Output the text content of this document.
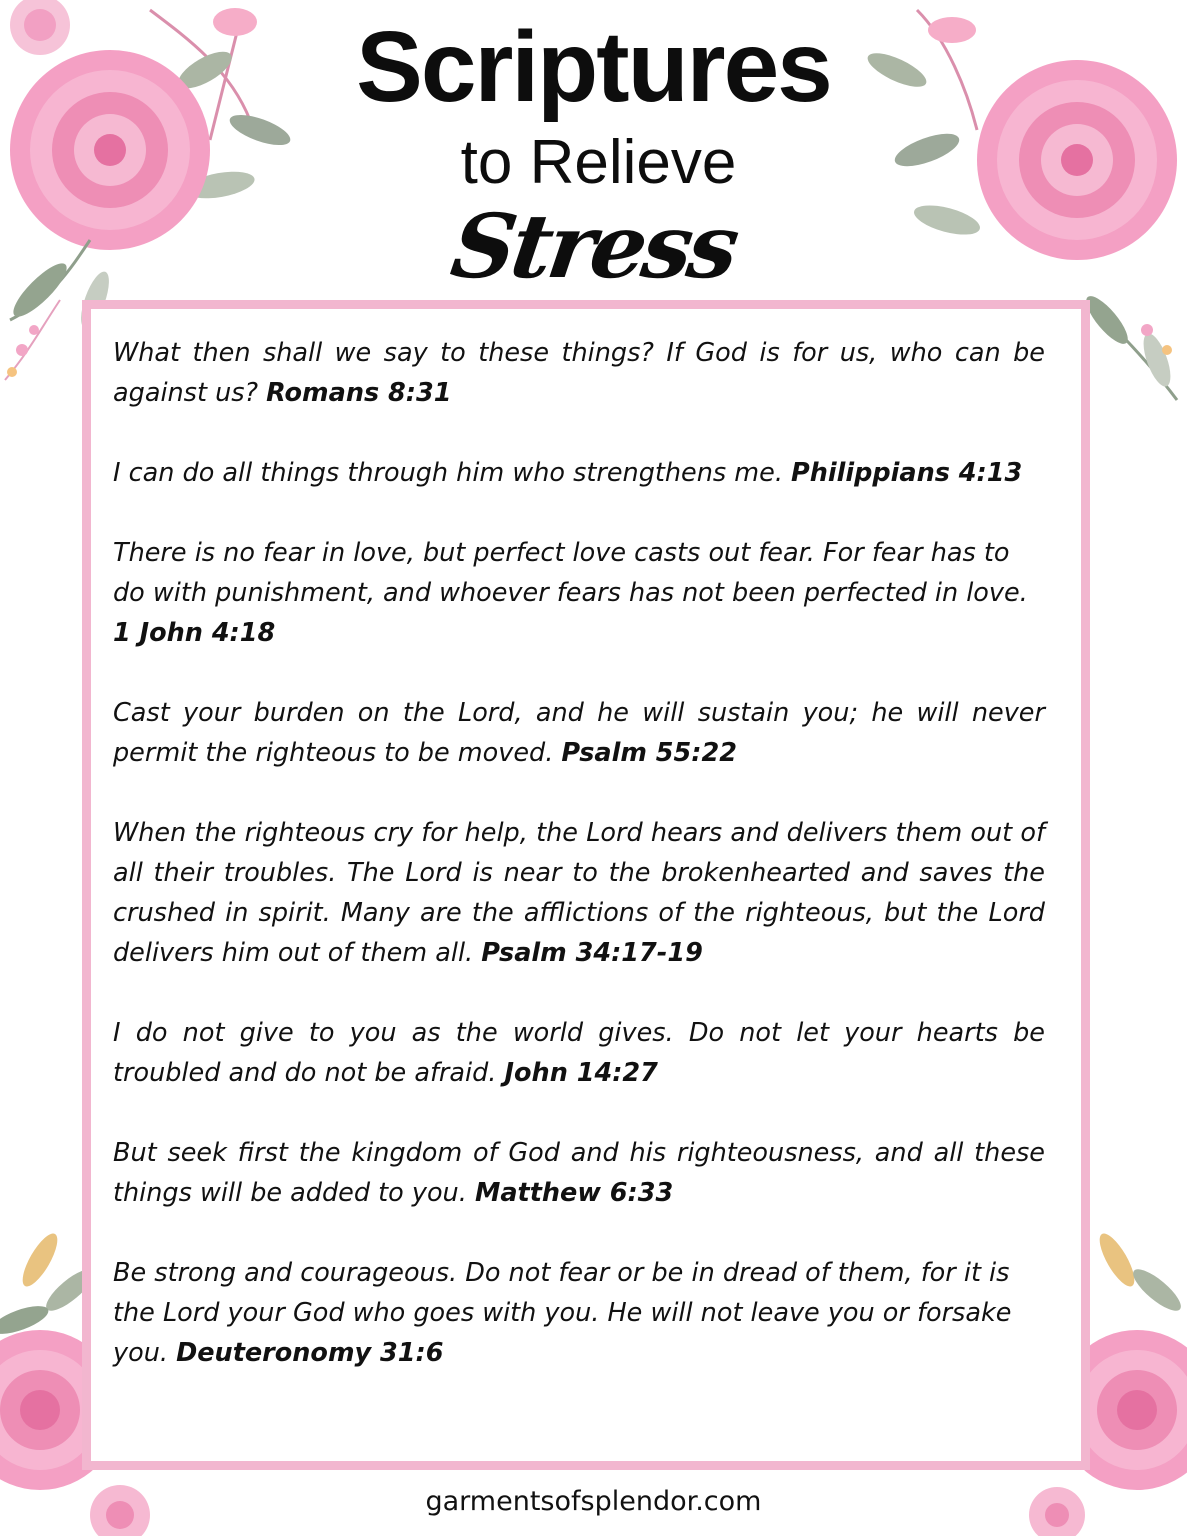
Scriptures
to Relieve
Stress

What then shall we say to these things? If God is for us, who can be against us? Romans 8:31

I can do all things through him who strengthens me. Philippians 4:13

There is no fear in love, but perfect love casts out fear. For fear has to do with punishment, and whoever fears has not been perfected in love.
1 John 4:18

Cast your burden on the Lord, and he will sustain you; he will never permit the righteous to be moved. Psalm 55:22

When the righteous cry for help, the Lord hears and delivers them out of all their troubles. The Lord is near to the brokenhearted and saves the crushed in spirit. Many are the afflictions of the righteous, but the Lord delivers him out of them all. Psalm 34:17-19

I do not give to you as the world gives. Do not let your hearts be troubled and do not be afraid. John 14:27

But seek first the kingdom of God and his righteousness, and all these things will be added to you. Matthew 6:33

Be strong and courageous. Do not fear or be in dread of them, for it is the Lord your God who goes with you. He will not leave you or forsake you. Deuteronomy 31:6

garmentsofsplendor.com
